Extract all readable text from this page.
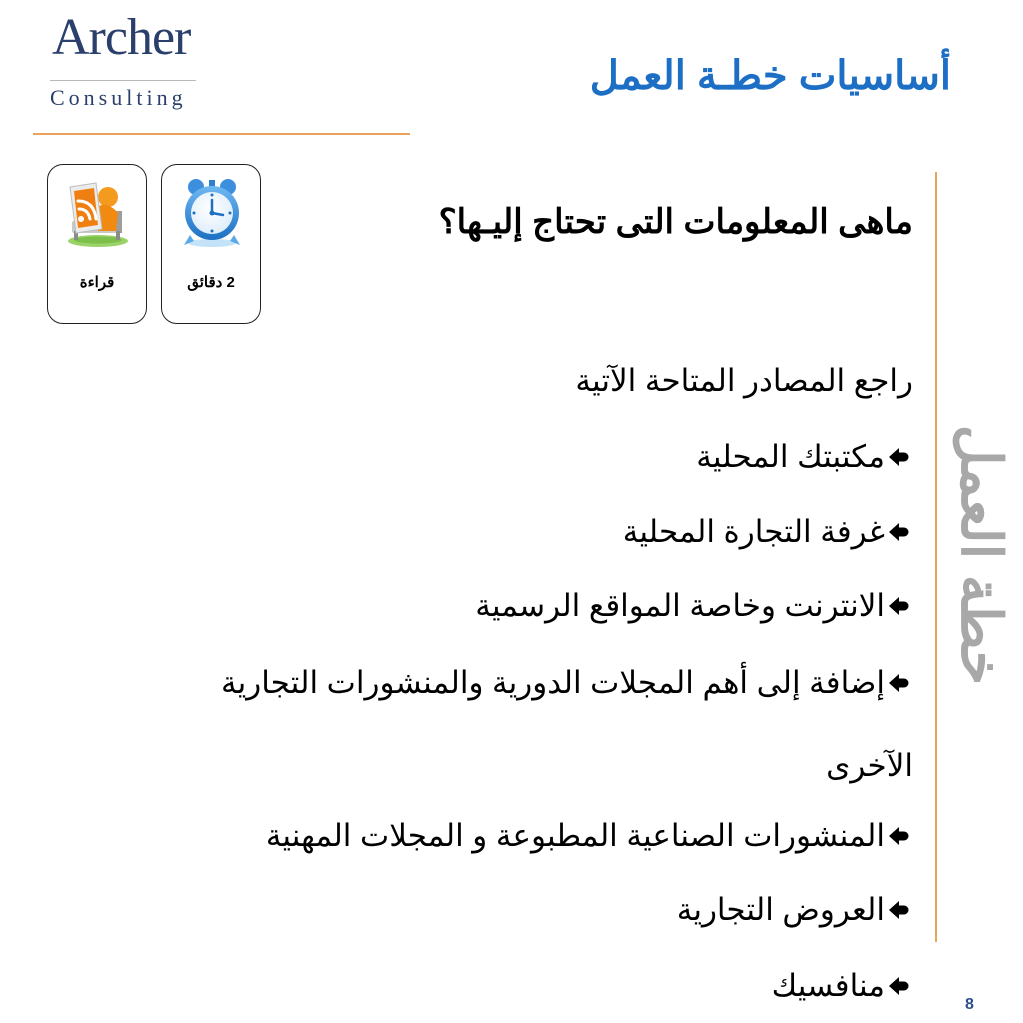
Archer
Consulting	أساسيات خطـة العمل
خطة العمل
2 دقائق
قراءة
ماهى المعلومات التى تحتاج إليـها؟
راجع المصادر المتاحة الآتية
مكتبتك المحلية
غرفة التجارة المحلية
الانترنت وخاصة المواقع الرسمية
إضافة إلى أهم المجلات الدورية والمنشورات التجارية
الآخرى
المنشورات الصناعية المطبوعة و المجلات المهنية
العروض التجارية
منافسيك
8
